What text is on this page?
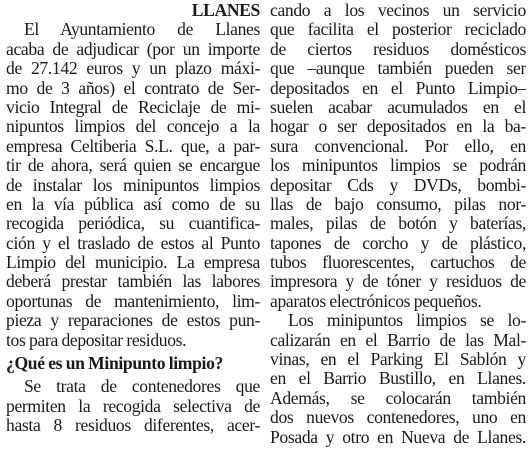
LLANES
El Ayuntamiento de Llanes
acaba de adjudicar (por un importe
de 27.142 euros y un plazo máxi-
mo de 3 años) el contrato de Ser-
vicio Integral de Reciclaje de mi-
nipuntos limpios del concejo a la
empresa Celtiberia S.L. que, a par-
tir de ahora, será quien se encargue
de instalar los minipuntos limpios
en la vía pública así como de su
recogida periódica, su cuantifica-
ción y el traslado de estos al Punto
Limpio del municipio. La empresa
deberá prestar también las labores
oportunas de mantenimiento, lim-
pieza y reparaciones de estos pun-
tos para depositar residuos.
¿Qué es un Minipunto limpio?
Se trata de contenedores que
permiten la recogida selectiva de
hasta 8 residuos diferentes, acer-
cando a los vecinos un servicio
que facilita el posterior reciclado
de ciertos residuos domésticos
que –aunque también pueden ser
depositados en el Punto Limpio–
suelen acabar acumulados en el
hogar o ser depositados en la ba-
sura convencional. Por ello, en
los minipuntos limpios se podrán
depositar Cds y DVDs, bombi-
llas de bajo consumo, pilas nor-
males, pilas de botón y baterías,
tapones de corcho y de plástico,
tubos fluorescentes, cartuchos de
impresora y de tóner y residuos de
aparatos electrónicos pequeños.
Los minipuntos limpios se lo-
calizarán en el Barrio de las Mal-
vinas, en el Parking El Sablón y
en el Barrio Bustillo, en Llanes.
Además, se colocarán también
dos nuevos contenedores, uno en
Posada y otro en Nueva de Llanes.
